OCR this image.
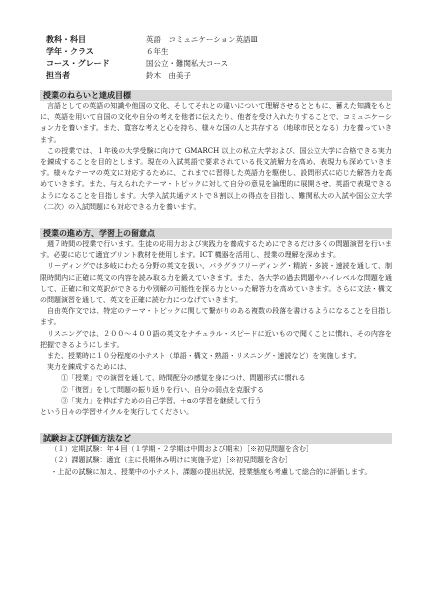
教科・科目	英語　コミュニケーション英語Ⅲ
学年・クラス	６年生
コース・グレード	国公立・難関私大コース
担当者	鈴木　由美子
授業のねらいと達成目標

言語としての英語の知識や他国の文化、そしてそれとの違いについて理解させるとともに、蓄えた知識をもとに、英語を用いて自国の文化や自分の考えを他者に伝えたり、他者を受け入れたりすることで、コミュニケーション力を養います。また、寛容な考えと心を持ち、様々な国の人と共存する（地球市民となる）力を養っていきます。

この授業では、１年後の大学受験に向けて GMARCH 以上の私立大学および、国公立大学に合格できる実力を錬成することを目的とします。現在の入試英語で要求されている長文読解力を高め、表現力も深めていきます。様々なテーマの英文に対応するために、これまでに習得した英語力を駆使し、設問形式に応じた解答力を高めていきます。また、与えられたテーマ・トピックに対して自分の意見を論理的に展開させ、英語で表現できるようになることを目指します。大学入試共通テストで８割以上の得点を目指し、難関私大の入試や国公立大学（二次）の入試問題にも対応できる力を養います。

授業の進め方、学習上の留意点

週７時間の授業で行います。生徒の応用力および実践力を養成するためにできるだけ多くの問題演習を行います。必要に応じて適宜プリント教材を使用します。ICT 機器を活用し、授業の理解を深めます。

リーディングでは多岐にわたる分野の英文を扱い、パラグラフリーディング・精読・多読・速読を通して、制限時間内に正確に英文の内容を読み取る力を鍛えていきます。また、各大学の過去問題やハイレベルな問題を通して、正確に和文英訳ができる力や別解の可能性を探る力といった解答力を高めていきます。さらに文法・構文の問題演習を通して、英文を正確に読む力につなげていきます。

自由英作文では、特定のテーマ・トピックに関して繋がりのある複数の段落を書けるようになることを目指します。

リスニングでは、２００～４００語の英文をナチュラル・スピードに近いもので聞くことに慣れ、その内容を把握できるようにします。

また、授業時に１０分程度の小テスト（単語・構文・熟語・リスニング・速読など）を実施します。

実力を錬成するためには、

①「授業」での演習を通して、時間配分の感覚を身につけ、問題形式に慣れる

②「復習」をして問題の振り返りを行い、自分の弱点を克服する

③「実力」を伸ばすための自己学習、＋αの学習を継続して行う

という日々の学習サイクルを実行してください。

試験および評価方法など

（１）定期試験：年４回（１学期・２学期は中間および期末）［※初見問題を含む］

（２）課題試験：適宜（主に長期休み明けに実施予定）［※初見問題を含む］

・上記の試験に加え、授業中の小テスト、課題の提出状況、授業態度も考慮して総合的に評価します。
